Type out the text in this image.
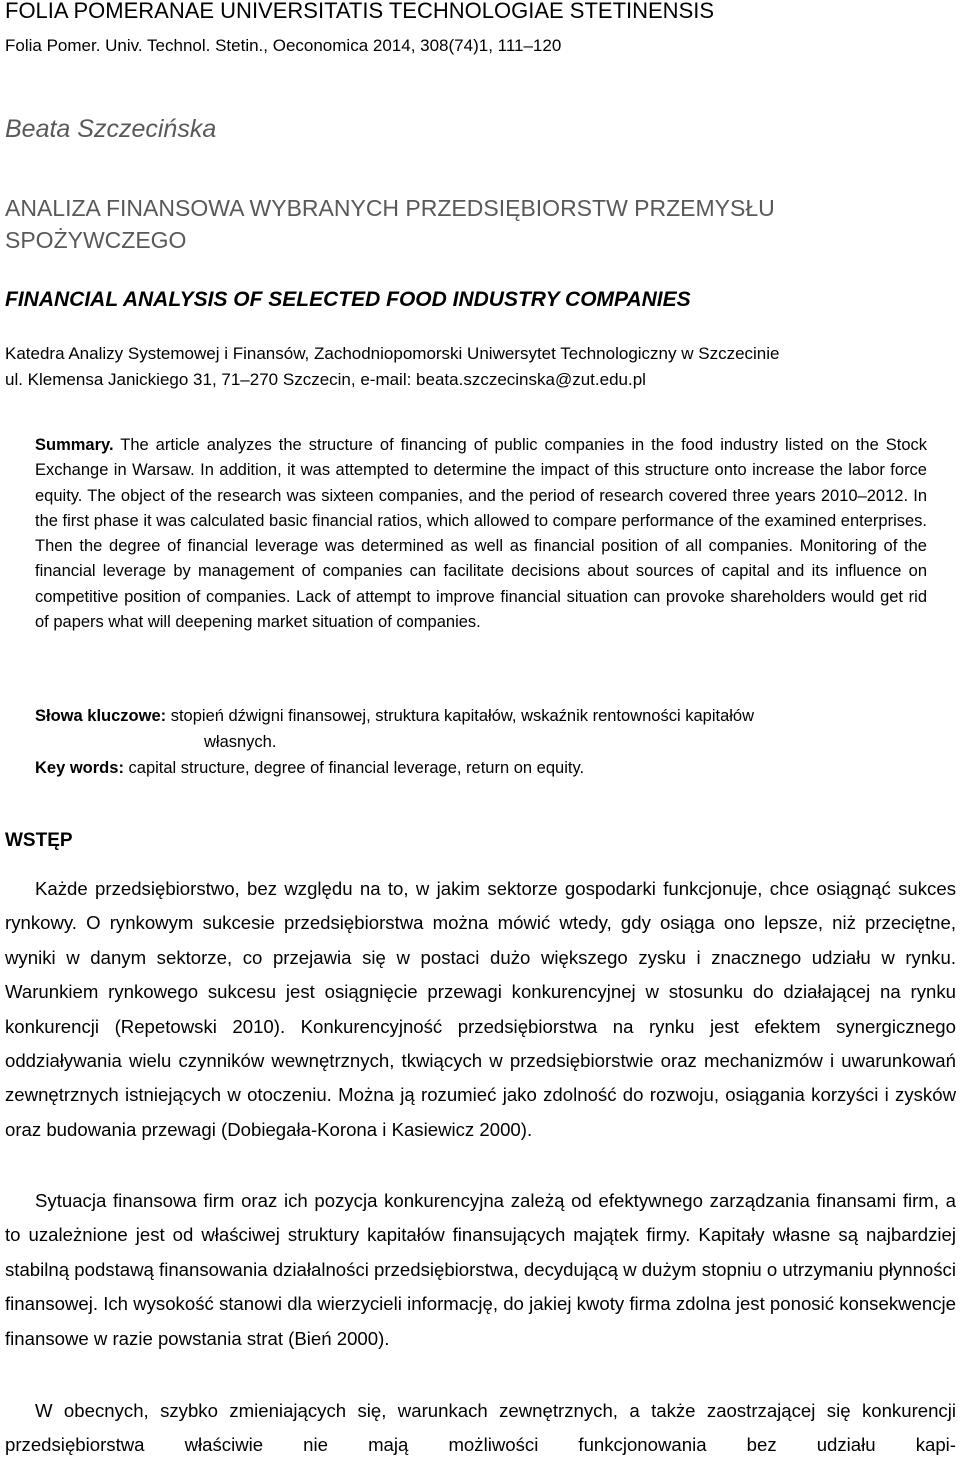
FOLIA POMERANAE UNIVERSITATIS TECHNOLOGIAE STETINENSIS
Folia Pomer. Univ. Technol. Stetin., Oeconomica 2014, 308(74)1, 111–120
Beata Szczecińska
ANALIZA FINANSOWA WYBRANYCH PRZEDSIĘBIORSTW PRZEMYSŁU
SPOŻYWCZEGO
FINANCIAL ANALYSIS OF SELECTED FOOD INDUSTRY COMPANIES
Katedra Analizy Systemowej i Finansów, Zachodniopomorski Uniwersytet Technologiczny w Szczecinie
ul. Klemensa Janickiego 31, 71–270 Szczecin, e-mail: beata.szczecinska@zut.edu.pl
Summary. The article analyzes the structure of financing of public companies in the food industry listed on the Stock Exchange in Warsaw. In addition, it was attempted to determine the impact of this structure onto increase the labor force equity. The object of the research was sixteen companies, and the period of research covered three years 2010–2012. In the first phase it was calculated basic financial ratios, which allowed to compare performance of the examined enterprises. Then the degree of financial leverage was determined as well as financial position of all companies. Monitoring of the financial leverage by management of companies can facilitate decisions about sources of capital and its influence on competitive position of companies. Lack of attempt to improve financial situation can provoke shareholders would get rid of papers what will deepening market situation of companies.
Słowa kluczowe: stopień dźwigni finansowej, struktura kapitałów, wskaźnik rentowności kapitałów
własnych.
Key words: capital structure, degree of financial leverage, return on equity.
WSTĘP
Każde przedsiębiorstwo, bez względu na to, w jakim sektorze gospodarki funkcjonuje, chce osiągnąć sukces rynkowy. O rynkowym sukcesie przedsiębiorstwa można mówić wtedy, gdy osiąga ono lepsze, niż przeciętne, wyniki w danym sektorze, co przejawia się w postaci dużo większego zysku i znacznego udziału w rynku. Warunkiem rynkowego sukcesu jest osiągnięcie przewagi konkurencyjnej w stosunku do działającej na rynku konkurencji (Repetowski 2010). Konkurencyjność przedsiębiorstwa na rynku jest efektem synergicznego oddziaływania wielu czynników wewnętrznych, tkwiących w przedsiębiorstwie oraz mechanizmów i uwarunkowań zewnętrznych istniejących w otoczeniu. Można ją rozumieć jako zdolność do rozwoju, osiągania korzyści i zysków oraz budowania przewagi (Dobiegała-Korona i Kasiewicz 2000).
Sytuacja finansowa firm oraz ich pozycja konkurencyjna zależą od efektywnego zarządzania finansami firm, a to uzależnione jest od właściwej struktury kapitałów finansujących majątek firmy. Kapitały własne są najbardziej stabilną podstawą finansowania działalności przedsiębiorstwa, decydującą w dużym stopniu o utrzymaniu płynności finansowej. Ich wysokość stanowi dla wierzycieli informację, do jakiej kwoty firma zdolna jest ponosić konsekwencje finansowe w razie powstania strat (Bień 2000).
W obecnych, szybko zmieniających się, warunkach zewnętrznych, a także zaostrzającej się konkurencji przedsiębiorstwa właściwie nie mają możliwości funkcjonowania bez udziału kapi-
